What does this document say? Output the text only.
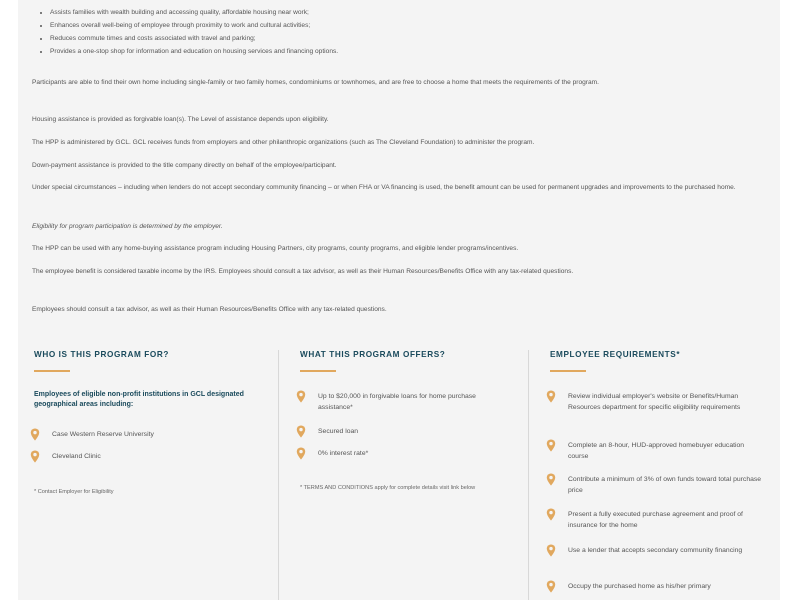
• Assists families with wealth building and accessing quality, affordable housing near work;
• Enhances overall well-being of employee through proximity to work and cultural activities;
• Reduces commute times and costs associated with travel and parking;
• Provides a one-stop shop for information and education on housing services and financing options.

Participants are able to find their own home including single-family or two family homes, condominiums or townhomes, and are free to choose a home that meets the requirements of the program.

Housing assistance is provided as forgivable loan(s). The Level of assistance depends upon eligibility.

The HPP is administered by GCL. GCL receives funds from employers and other philanthropic organizations (such as The Cleveland Foundation) to administer the program.

Down-payment assistance is provided to the title company directly on behalf of the employee/participant.

Under special circumstances – including when lenders do not accept secondary community financing – or when FHA or VA financing is used, the benefit amount can be used for permanent upgrades and improvements to the purchased home.

Eligibility for program participation is determined by the employer.

The HPP can be used with any home-buying assistance program including Housing Partners, city programs, county programs, and eligible lender programs/incentives.

The employee benefit is considered taxable income by the IRS. Employees should consult a tax advisor, as well as their Human Resources/Benefits Office with any tax-related questions.

Employees should consult a tax advisor, as well as their Human Resources/Benefits Office with any tax-related questions.

WHO IS THIS PROGRAM FOR?
Employees of eligible non-profit institutions in GCL designated geographical areas including:
Case Western Reserve University
Cleveland Clinic
* Contact Employer for Eligibility
WHAT THIS PROGRAM OFFERS?
Up to $20,000 in forgivable loans for home purchase assistance*
Secured loan
0% interest rate*
* TERMS AND CONDITIONS apply for complete details visit link below
EMPLOYEE REQUIREMENTS*
Review individual employer's website or Benefits/Human Resources department for specific eligibility requirements
Complete an 8-hour, HUD-approved homebuyer education course
Contribute a minimum of 3% of own funds toward total purchase price
Present a fully executed purchase agreement and proof of insurance for the home
Use a lender that accepts secondary community financing
Occupy the purchased home as his/her primary
